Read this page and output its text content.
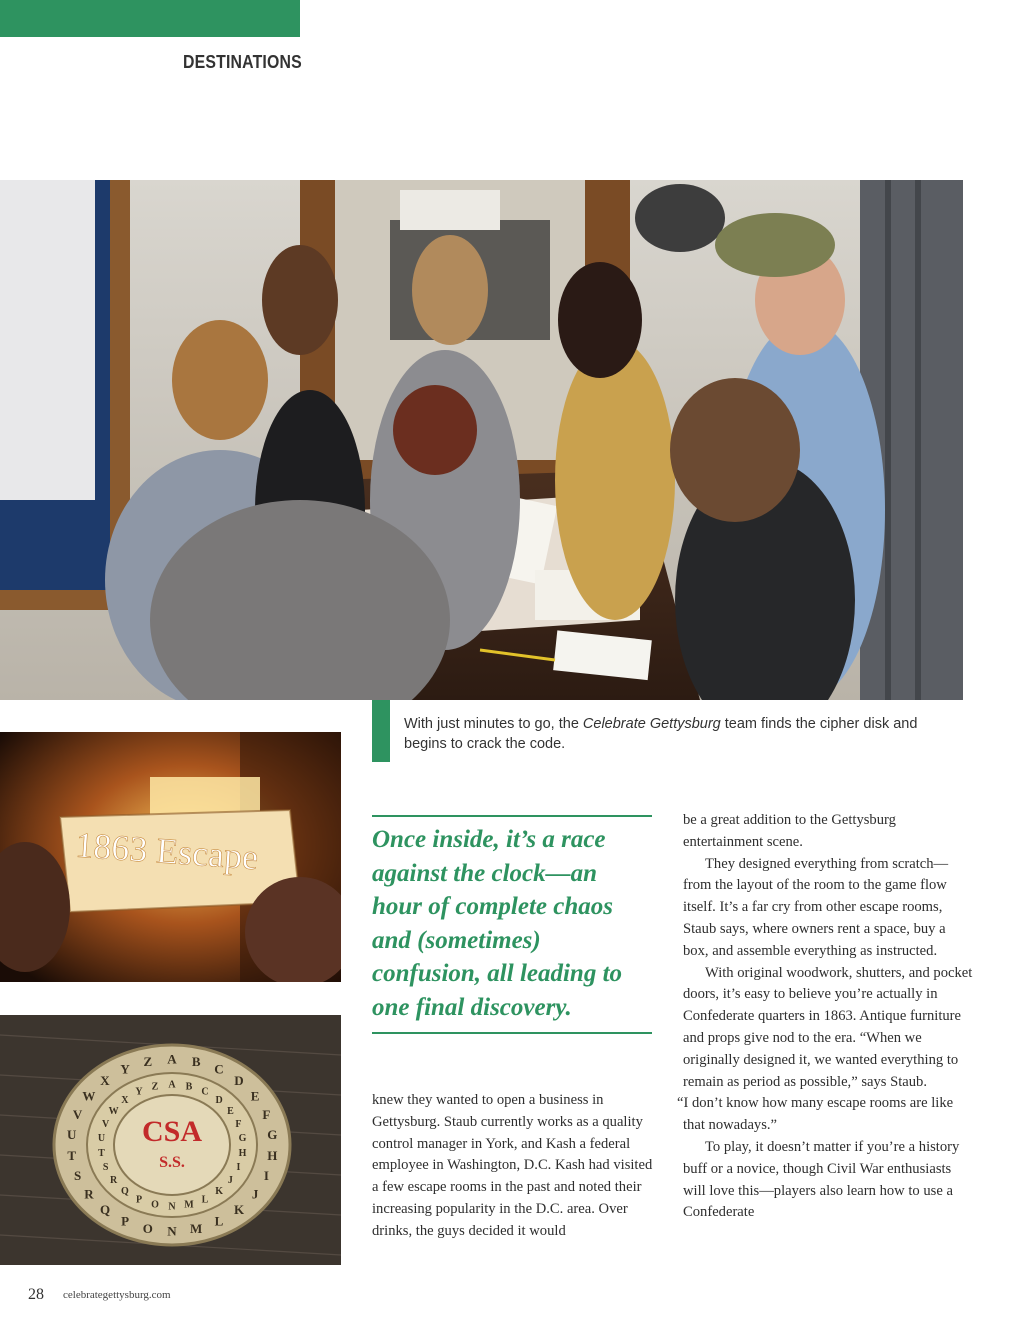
DESTINATIONS
With just minutes to go, the Celebrate Gettysburg team finds the cipher disk and begins to crack the code.
1863 Escape
A
A
B
B
C
C
D
D E
E F
F
G
G
H
H
I
I
J
J
K
K
L
L
M
M
N
N
O
O
P
P
Q
Q
R
R
S
S
T T
U U
V
V
W
W
X
X
Y
Y
Z
Z
CSA
S.S.

Once inside, it’s a race against the clock—an hour of complete chaos and (sometimes) confusion, all leading to one final discovery.

knew they wanted to open a business in Gettysburg. Staub currently works as a quality control manager in York, and Kash a federal employee in Washington, D.C. Kash had visited a few escape rooms in the past and noted their increasing popularity in the D.C. area. Over drinks, the guys decided it would

be a great addition to the Gettysburg entertainment scene.

They designed everything from scratch—from the layout of the room to the game flow itself. It’s a far cry from other escape rooms, Staub says, where owners rent a space, buy a box, and assemble everything as instructed.

With original woodwork, shutters, and pocket doors, it’s easy to believe you’re actually in Confederate quarters in 1863. Antique furniture and props give nod to the era. “When we originally designed it, we wanted everything to remain as period as possible,” says Staub.

“I don’t know how many escape rooms are like that nowadays.”

To play, it doesn’t matter if you’re a history buff or a novice, though Civil War enthusiasts will love this—players also learn how to use a Confederate

28 celebrategettysburg.com
